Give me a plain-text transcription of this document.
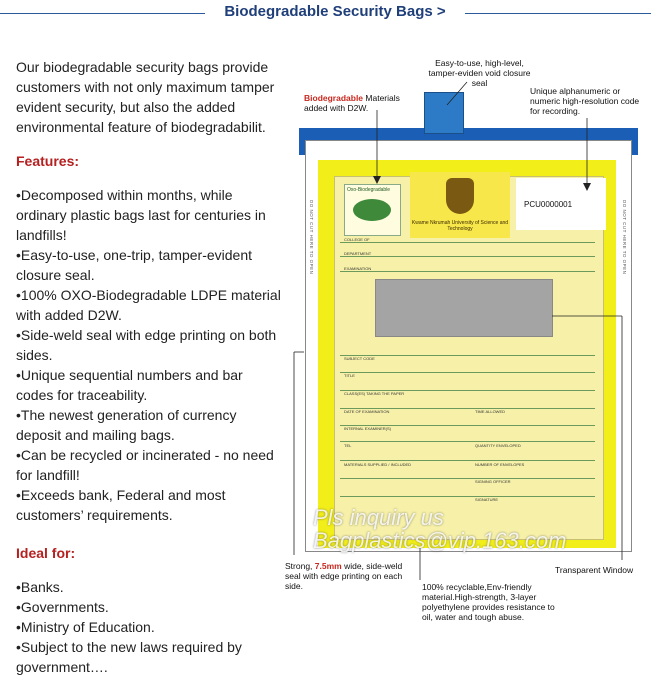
Biodegradable Security Bags >

Our biodegradable security bags provide customers with not only maximum tamper evident security, but also the added environmental feature of biodegradabilit.

Features:
•Decomposed within months, while ordinary plastic bags last for centuries in landfills!
•Easy-to-use, one-trip, tamper-evident closure seal.
•100% OXO-Biodegradable LDPE material with added D2W.
•Side-weld seal with edge printing on both sides.
•Unique sequential numbers and bar codes for traceability.
•The newest generation of currency deposit and mailing bags.
•Can be recycled or incinerated - no need for landfill!
•Exceeds bank, Federal and most customers’ requirements.
Ideal for:
•Banks.
•Governments.
•Ministry of Education.
•Subject to the new laws required by government….
Oxo-Biodegradable
Kwame Nkrumah University of Science and Technology
PCU0000001
COLLEGE OF
DEPARTMENT
EXAMINATION
SUBJECT CODE
TITLE
CLASS(ES) TAKING THE PAPER
DATE OF EXAMINATION	TIME ALLOWED
INTERNAL EXAMINER(S)
TEL	QUANTITY ENVELOPED
MATERIALS SUPPLIED / INCLUDED	NUMBER OF ENVELOPES
SIGNING OFFICER
SIGNATURE
DO NOT CUT HERE TO OPEN	DO NOT CUT HERE TO OPEN
Easy-to-use, high-level, tamper-eviden void closure seal
Biodegradable Materials added with D2W.
Unique alphanumeric or numeric high-resolution code for recording.
Strong, 7.5mm wide, side-weld seal with edge printing on each side.	100% recyclable,Env-friendly material.High-strength, 3-layer polyethylene provides resistance to oil, water and tough abuse.
Transparent Window
Pls inquiry us
Bagplastics@vip.163.com
